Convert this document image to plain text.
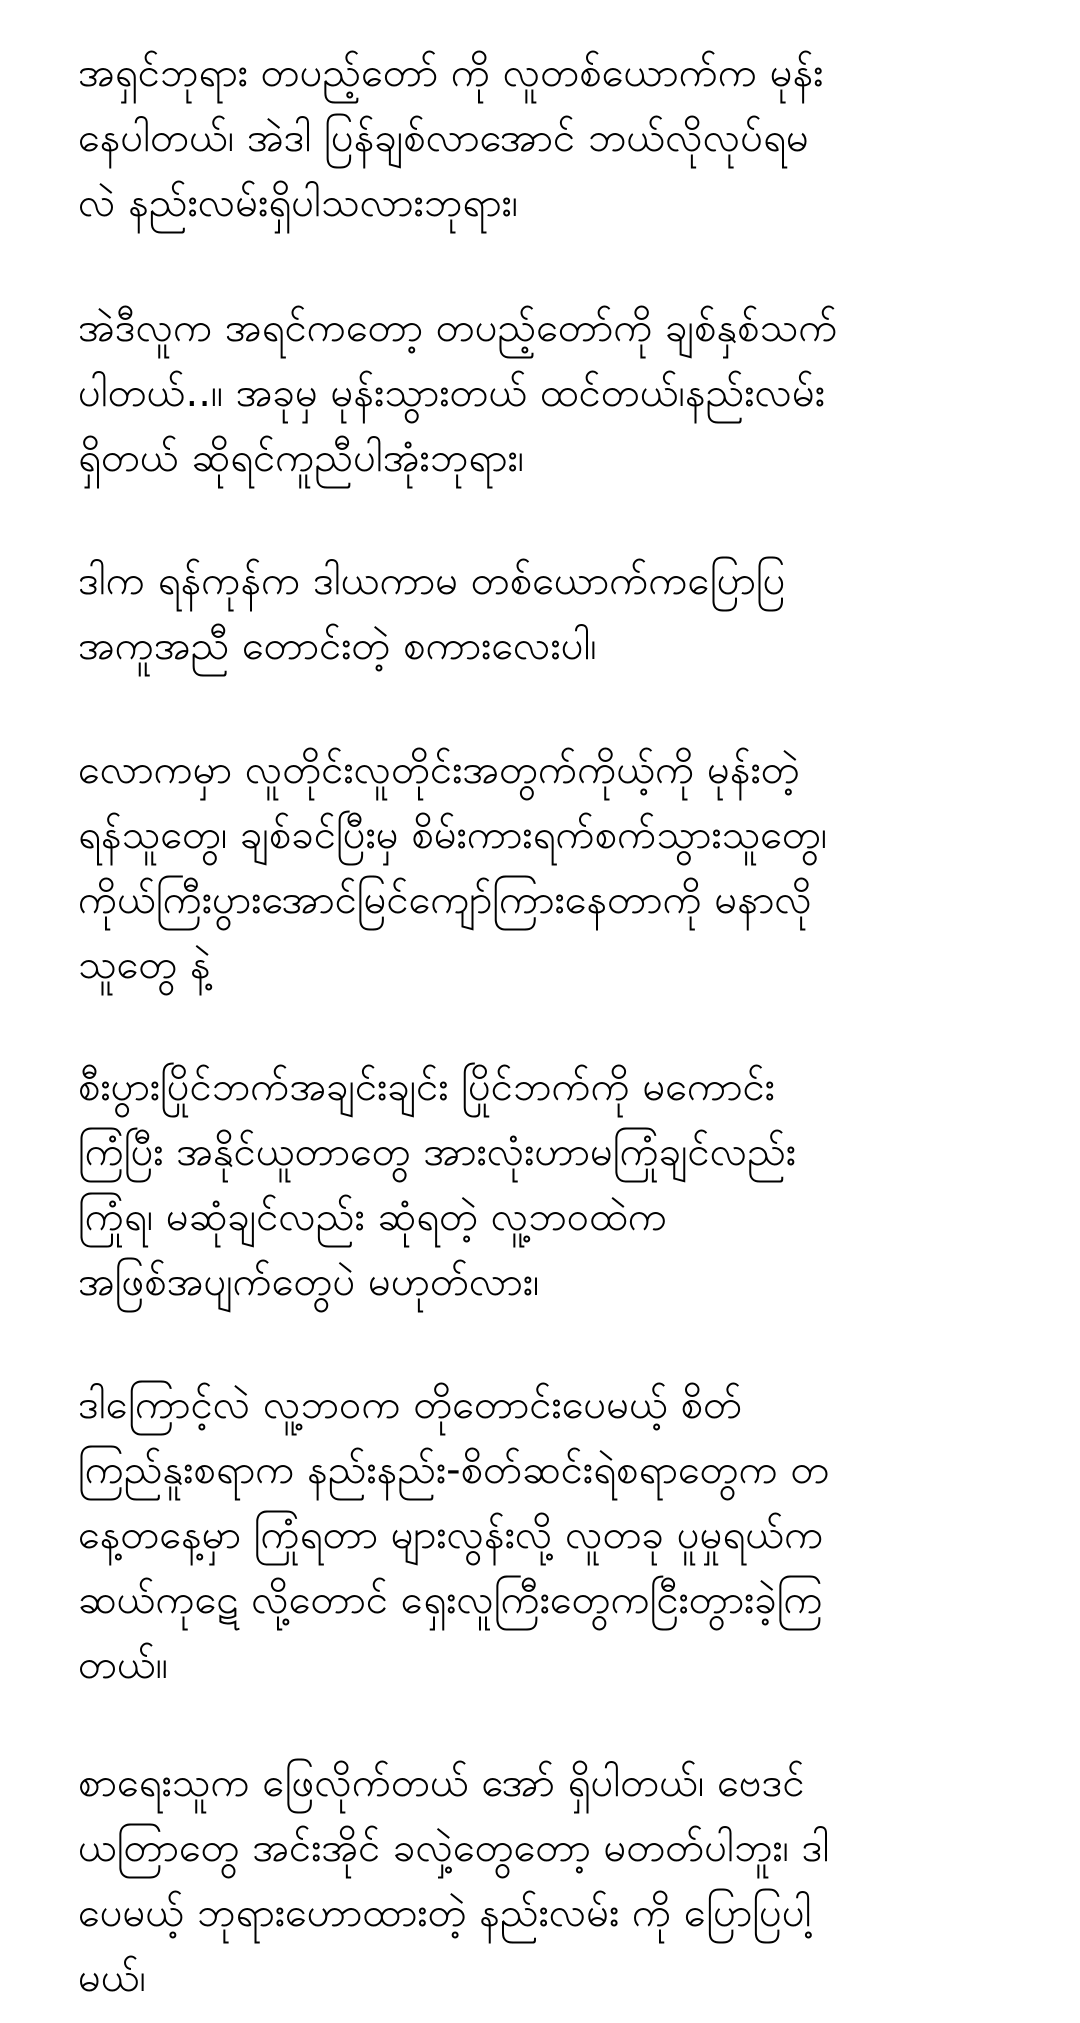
အရှင်ဘုရား တပည့်တော် ကို လူတစ်ယောက်က မုန်း
နေပါတယ်၊ အဲဒါ ပြန်ချစ်လာအောင် ဘယ်လိုလုပ်ရမ
လဲ နည်းလမ်းရှိပါသလားဘုရား၊

အဲဒီလူက အရင်ကတော့ တပည့်တော်ကို ချစ်နှစ်သက်
ပါတယ်..။ အခုမှ မုန်းသွားတယ် ထင်တယ်၊နည်းလမ်း
ရှိတယ် ဆိုရင်ကူညီပါအုံးဘုရား၊

ဒါက ရန်ကုန်က ဒါယကာမ တစ်ယောက်ကပြောပြ
အကူအညီ တောင်းတဲ့ စကားလေးပါ၊

လောကမှာ လူတိုင်းလူတိုင်းအတွက်ကိုယ့်ကို မုန်းတဲ့
ရန်သူတွေ၊ ချစ်ခင်ပြီးမှ စိမ်းကားရက်စက်သွားသူတွေ၊
ကိုယ်ကြီးပွားအောင်မြင်ကျော်ကြားနေတာကို မနာလို
သူတွေ နဲ့

စီးပွားပြိုင်ဘက်အချင်းချင်း ပြိုင်ဘက်ကို မကောင်း
ကြံပြီး အနိုင်ယူတာတွေ အားလုံးဟာမကြုံချင်လည်း
ကြုံရ၊ မဆုံချင်လည်း ဆုံရတဲ့ လူ့ဘဝထဲက
အဖြစ်အပျက်တွေပဲ မဟုတ်လား၊

ဒါကြောင့်လဲ လူ့ဘဝက တိုတောင်းပေမယ့် စိတ်
ကြည်နူးစရာက နည်းနည်း-စိတ်ဆင်းရဲစရာတွေက တ
နေ့တနေ့မှာ ကြုံရတာ များလွန်းလို့ လူတခု ပူမှုရယ်က
ဆယ်ကုဋေ လို့တောင် ရှေးလူကြီးတွေကငြီးတွားခဲ့ကြ
တယ်။

စာရေးသူက ဖြေလိုက်တယ် အော် ရှိပါတယ်၊ ဗေဒင်
ယတြာတွေ အင်းအိုင် ခလှဲ့တွေတော့ မတတ်ပါဘူး၊ ဒါ
ပေမယ့် ဘုရားဟောထားတဲ့ နည်းလမ်း ကို ပြောပြပါ့
မယ်၊
